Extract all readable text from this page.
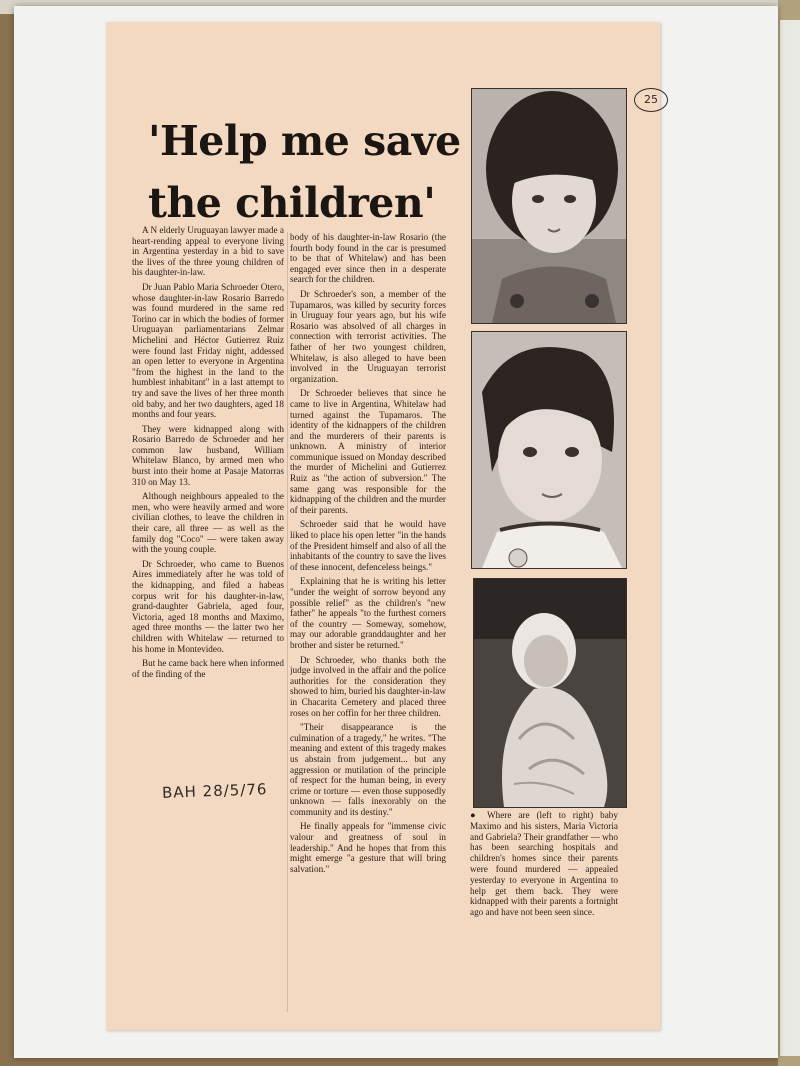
'Help me save
the children'
25

A N elderly Uruguayan lawyer made a heart-rending appeal to everyone living in Argentina yesterday in a bid to save the lives of the three young children of his daughter-in-law.

Dr Juan Pablo Maria Schroeder Otero, whose daughter-in-law Rosario Barredo was found murdered in the same red Torino car in which the bodies of former Uruguayan parliamentarians Zelmar Michelini and Héctor Gutierrez Ruiz were found last Friday night, addessed an open letter to everyone in Argentina "from the highest in the land to the humblest inhabitant" in a last attempt to try and save the lives of her three month old baby, and her two daughters, aged 18 months and four years.

They were kidnapped along with Rosario Barredo de Schroeder and her common law husband, William Whitelaw Blanco, by armed men who burst into their home at Pasaje Matorras 310 on May 13.

Although neighbours appealed to the men, who were heavily armed and wore civilian clothes, to leave the children in their care, all three — as well as the family dog "Coco" — were taken away with the young couple.

Dr Schroeder, who came to Buenos Aires immediately after he was told of the kidnapping, and filed a habeas corpus writ for his daughter-in-law, grand-daughter Gabriela, aged four, Victoria, aged 18 months and Maximo, aged three months — the latter two her children with Whitelaw — returned to his home in Montevideo.

But he came back here when informed of the finding of the

body of his daughter-in-law Rosario (the fourth body found in the car is presumed to be that of Whitelaw) and has been engaged ever since then in a desperate search for the children.

Dr Schroeder's son, a member of the Tupamaros, was killed by security forces in Uruguay four years ago, but his wife Rosario was absolved of all charges in connection with terrorist activities. The father of her two youngest children, Whitelaw, is also alleged to have been involved in the Uruguayan terrorist organization.

Dr Schroeder believes that since he came to live in Argentina, Whitelaw had turned against the Tupamaros. The identity of the kidnappers of the children and the murderers of their parents is unknown. A ministry of interior communique issued on Monday described the murder of Michelini and Gutierrez Ruiz as "the action of subversion." The same gang was responsible for the kidnapping of the children and the murder of their parents.

Schroeder said that he would have liked to place his open letter "in the hands of the President himself and also of all the inhabitants of the country to save the lives of these innocent, defenceless beings."

Explaining that he is writing his letter "under the weight of sorrow beyond any possible relief" as the children's "new father" he appeals "to the furthest corners of the country — Someway, somehow, may our adorable granddaughter and her brother and sister be returned."

Dr Schroeder, who thanks both the judge involved in the affair and the police authorities for the consideration they showed to him, buried his daughter-in-law in Chacarita Cemetery and placed three roses on her coffin for her three children.

"Their disappearance is the culmination of a tragedy," he writes. "The meaning and extent of this tragedy makes us abstain from judgement... but any aggression or mutilation of the principle of respect for the human being, in every crime or torture — even those supposedly unknown — falls inexorably on the community and its destiny."

He finally appeals for "immense civic valour and greatness of soul in leadership." And he hopes that from this might emerge "a gesture that will bring salvation."

● Where are (left to right) baby Maximo and his sisters, Maria Victoria and Gabriela? Their grandfather — who has been searching hospitals and children's homes since their parents were found murdered — appealed yesterday to everyone in Argentina to help get them back. They were kidnapped with their parents a fortnight ago and have not been seen since.
BAH 28/5/76
